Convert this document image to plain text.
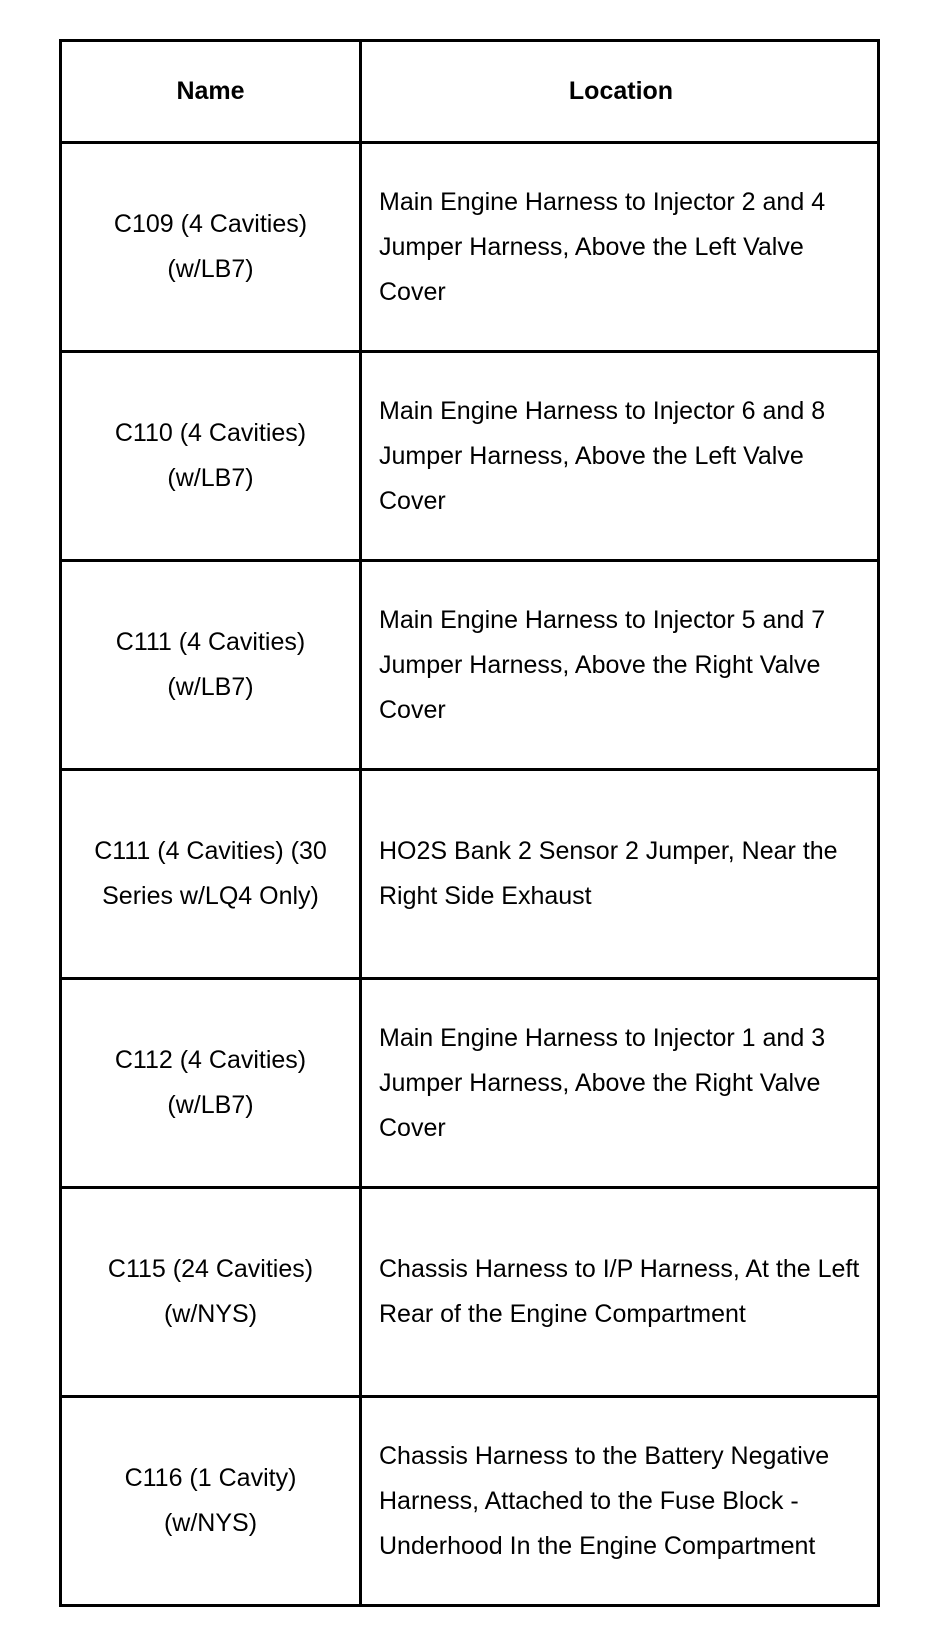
Name	Location
C109 (4 Cavities) (w/LB7)
Main Engine Harness to Injector 2 and 4 Jumper Harness, Above the Left Valve Cover
C110 (4 Cavities) (w/LB7)
Main Engine Harness to Injector 6 and 8 Jumper Harness, Above the Left Valve Cover
C111 (4 Cavities) (w/LB7)
Main Engine Harness to Injector 5 and 7 Jumper Harness, Above the Right Valve Cover
C111 (4 Cavities) (30 Series w/LQ4 Only)
HO2S Bank 2 Sensor 2 Jumper, Near the Right Side Exhaust
C112 (4 Cavities) (w/LB7)
Main Engine Harness to Injector 1 and 3 Jumper Harness, Above the Right Valve Cover
C115 (24 Cavities) (w/NYS)
Chassis Harness to I/P Harness, At the Left Rear of the Engine Compartment
C116 (1 Cavity) (w/NYS)
Chassis Harness to the Battery Negative Harness, Attached to the Fuse Block - Underhood In the Engine Compartment
